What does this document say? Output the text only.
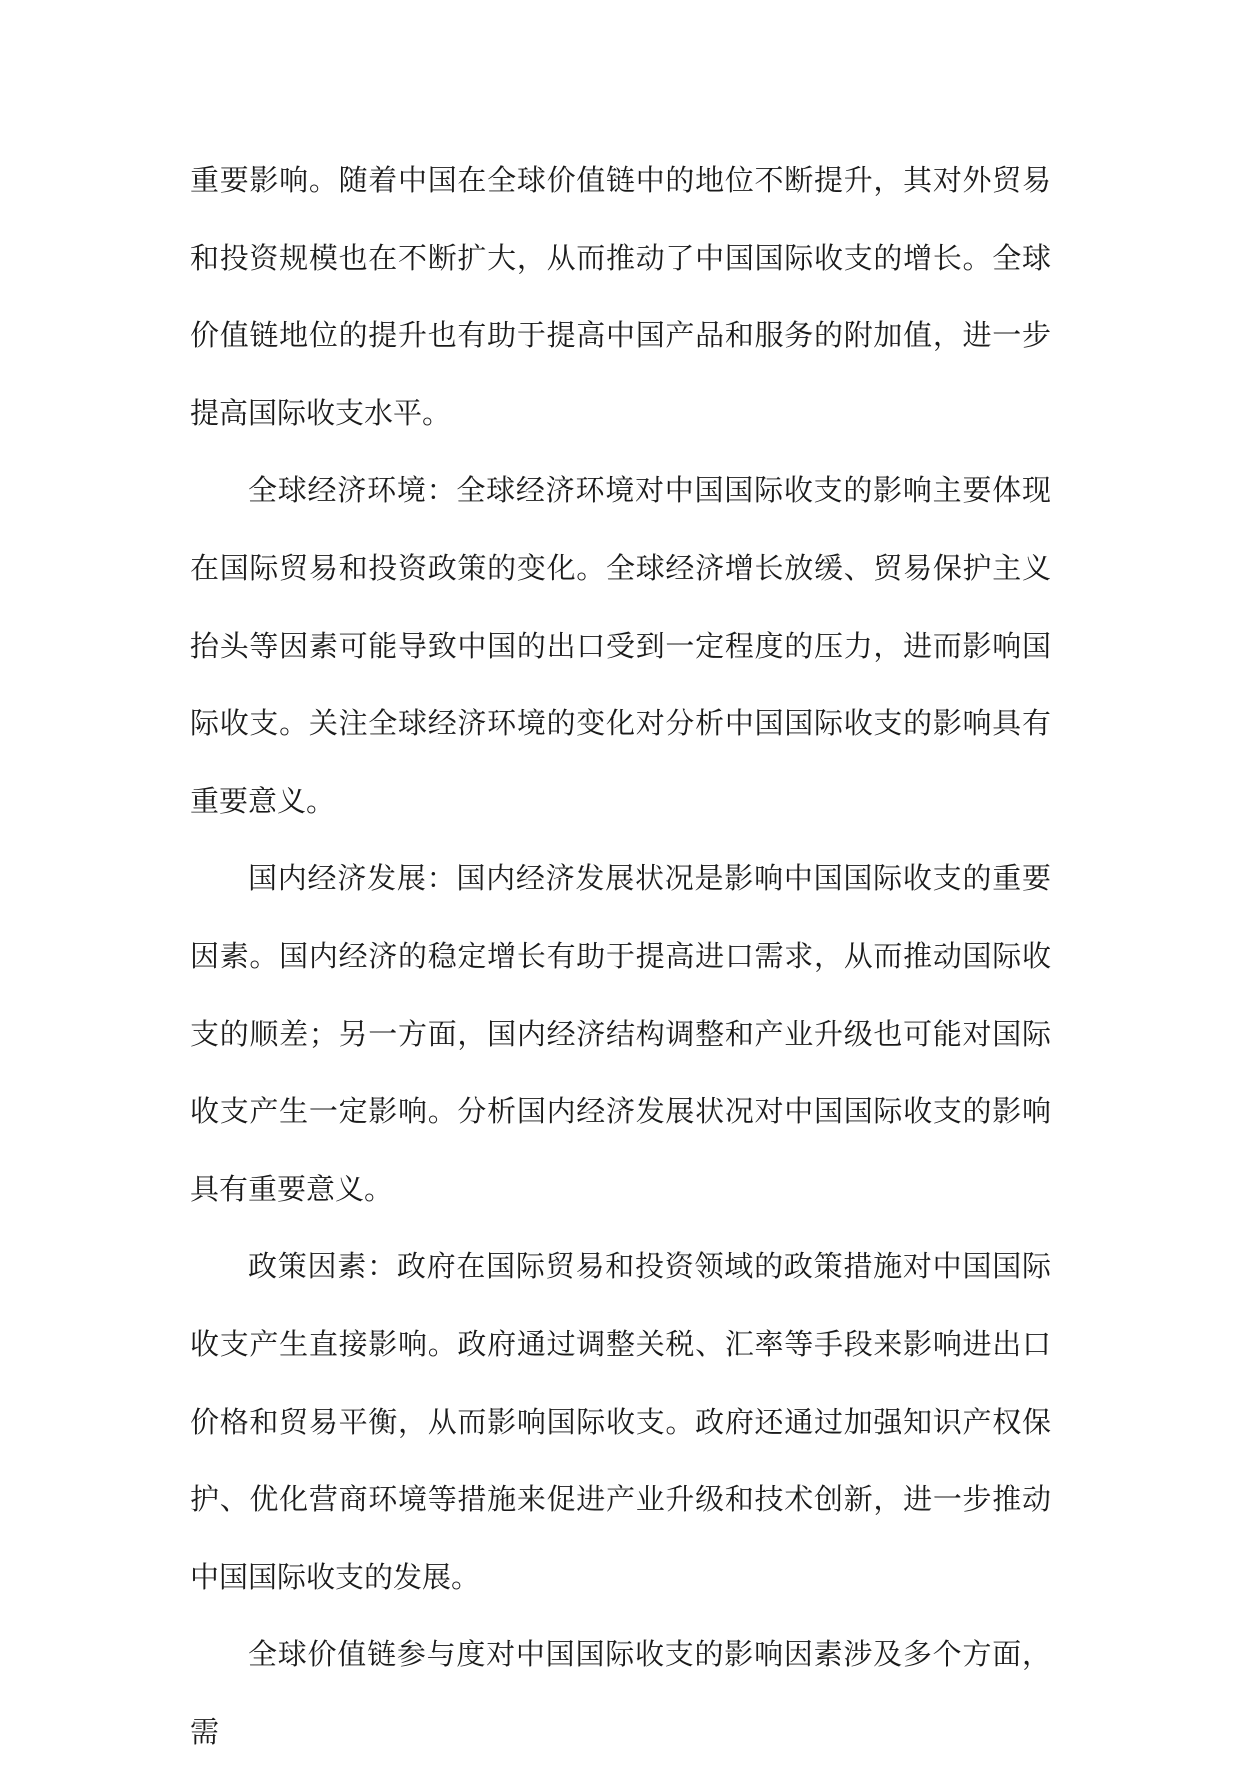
重要影响。随着中国在全球价值链中的地位不断提升，其对外贸易和投资规模也在不断扩大，从而推动了中国国际收支的增长。全球价值链地位的提升也有助于提高中国产品和服务的附加值，进一步提高国际收支水平。

全球经济环境：全球经济环境对中国国际收支的影响主要体现在国际贸易和投资政策的变化。全球经济增长放缓、贸易保护主义抬头等因素可能导致中国的出口受到一定程度的压力，进而影响国际收支。关注全球经济环境的变化对分析中国国际收支的影响具有重要意义。

国内经济发展：国内经济发展状况是影响中国国际收支的重要因素。国内经济的稳定增长有助于提高进口需求，从而推动国际收支的顺差；另一方面，国内经济结构调整和产业升级也可能对国际收支产生一定影响。分析国内经济发展状况对中国国际收支的影响具有重要意义。

政策因素：政府在国际贸易和投资领域的政策措施对中国国际收支产生直接影响。政府通过调整关税、汇率等手段来影响进出口价格和贸易平衡，从而影响国际收支。政府还通过加强知识产权保护、优化营商环境等措施来促进产业升级和技术创新，进一步推动中国国际收支的发展。

全球价值链参与度对中国国际收支的影响因素涉及多个方面，需
